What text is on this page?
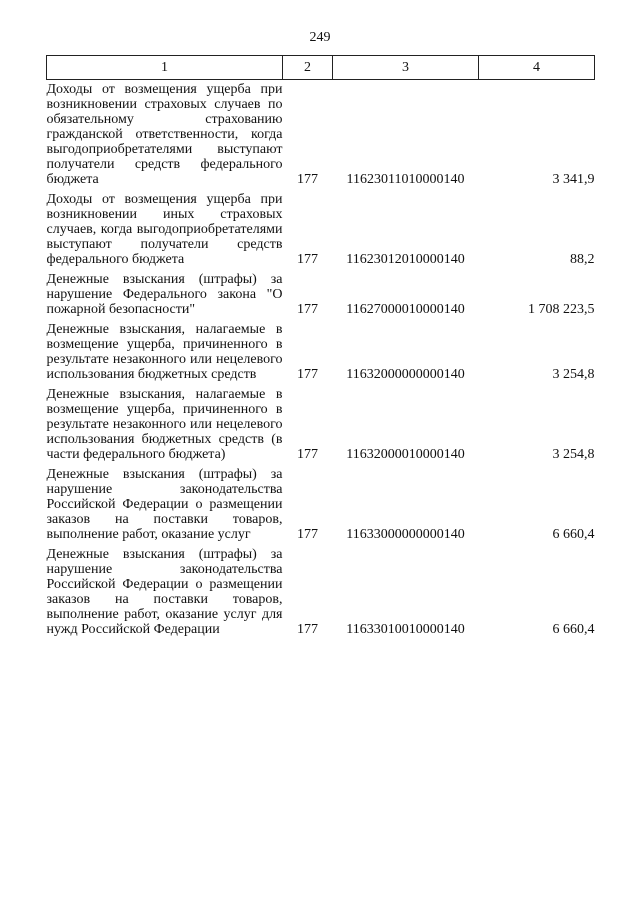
249
1	2	3	4
Доходы от возмещения ущерба при возникновении страховых случаев по обязательному страхованию гражданской ответственности, когда выгодоприобретателями выступают получатели средств федерального бюджета	177	11623011010000140	3 341,9
Доходы от возмещения ущерба при возникновении иных страховых случаев, когда выгодоприобретателями выступают получатели средств федерального бюджета	177	11623012010000140	88,2
Денежные взыскания (штрафы) за нарушение Федерального закона "О пожарной безопасности"	177	11627000010000140	1 708 223,5
Денежные взыскания, налагаемые в возмещение ущерба, причиненного в результате незаконного или нецелевого использования бюджетных средств	177	11632000000000140	3 254,8
Денежные взыскания, налагаемые в возмещение ущерба, причиненного в результате незаконного или нецелевого использования бюджетных средств (в части федерального бюджета)	177	11632000010000140	3 254,8
Денежные взыскания (штрафы) за нарушение законодательства Российской Федерации о размещении заказов на поставки товаров, выполнение работ, оказание услуг	177	11633000000000140	6 660,4
Денежные взыскания (штрафы) за нарушение законодательства Российской Федерации о размещении заказов на поставки товаров, выполнение работ, оказание услуг для нужд Российской Федерации	177	11633010010000140	6 660,4
